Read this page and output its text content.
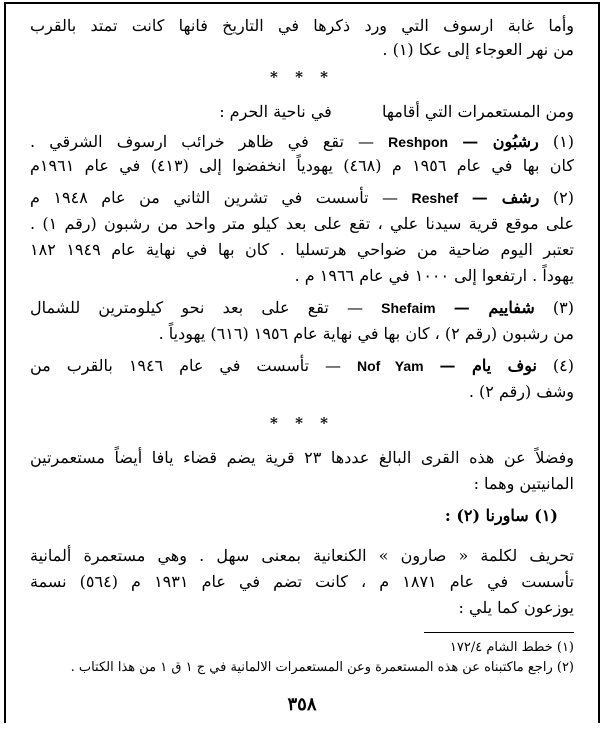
وأما غابة ارسوف التي ورد ذكرها في التاريخ فانها كانت تمتد بالقرب
من نهر العوجاء إلى عكا (١) .
* * *
ومن المستعمرات التي أقامها  في ناحية الحرم :
(١) رشبُون — Reshpon — تقع في ظاهر خرائب ارسوف الشرقي .
كان بها في عام ١٩٥٦ م (٤٦٨) يهودياً انخفضوا إلى (٤١٣) في عام ١٩٦١م
(٢) رشف — Reshef — تأسست في تشرين الثاني من عام ١٩٤٨ م
على موقع قرية سيدنا علي ، تقع على بعد كيلو متر واحد من رشبون (رقم ١) .
تعتبر اليوم ضاحية من ضواحي هرتسليا . كان بها في نهاية عام ١٩٤٩ ١٨٢
يهوداً . ارتفعوا إلى ١٠٠٠ في عام ١٩٦٦ م .
(٣) شفاييم — Shefaim — تقع على بعد نحو كيلومترين للشمال
من رشبون (رقم ٢) ، كان بها في نهاية عام ١٩٥٦ (٦١٦) يهودياً .
(٤) نوف يام — Nof Yam — تأسست في عام ١٩٤٦ بالقرب من
وشف (رقم ٢) .
* * *
وفضلاً عن هذه القرى البالغ عددها ٢٣ قرية يضم قضاء يافا أيضاً مستعمرتين
المانيتين وهما :
(١) ساورنا (٢) :
تحريف لكلمة « صارون » الكنعانية بمعنى سهل . وهي مستعمرة ألمانية
تأسست في عام ١٨٧١ م ، كانت تضم في عام ١٩٣١ م (٥٦٤) نسمة
يوزعون كما يلي :
(١) خطط الشام ١٧٢/٤
(٢) راجع ماكتبناه عن هذه المستعمرة وعن المستعمرات الالمانية في ج ١ ق ١ من هذا الكتاب .
٣٥٨
